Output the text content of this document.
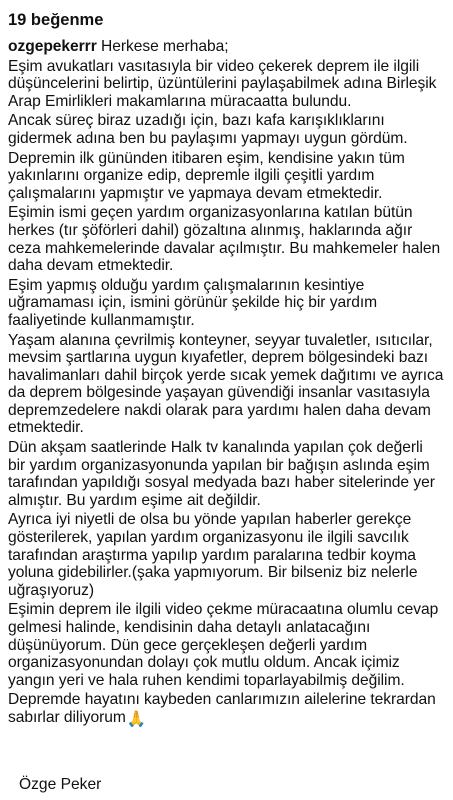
19 beğenme

ozgepekerrr Herkese merhaba;

Eşim avukatları vasıtasıyla bir video çekerek deprem ile ilgili düşüncelerini belirtip, üzüntülerini paylaşabilmek adına Birleşik Arap Emirlikleri makamlarına müracaatta bulundu.

Ancak süreç biraz uzadığı için, bazı kafa karışıklıklarını gidermek adına ben bu paylaşımı yapmayı uygun gördüm.

Depremin ilk gününden itibaren eşim, kendisine yakın tüm yakınlarını organize edip, depremle ilgili çeşitli yardım çalışmalarını yapmıştır ve yapmaya devam etmektedir.

Eşimin ismi geçen yardım organizasyonlarına katılan bütün herkes (tır şöförleri dahil) gözaltına alınmış, haklarında ağır ceza mahkemelerinde davalar açılmıştır. Bu mahkemeler halen daha devam etmektedir.

Eşim yapmış olduğu yardım çalışmalarının kesintiye uğramaması için, ismini görünür şekilde hiç bir yardım faaliyetinde kullanmamıştır.

Yaşam alanına çevrilmiş konteyner, seyyar tuvaletler, ısıtıcılar, mevsim şartlarına uygun kıyafetler, deprem bölgesindeki bazı havalimanları dahil birçok yerde sıcak yemek dağıtımı ve ayrıca da deprem bölgesinde yaşayan güvendiği insanlar vasıtasıyla depremzedelere nakdi olarak para yardımı halen daha devam etmektedir.

Dün akşam saatlerinde Halk tv kanalında yapılan çok değerli bir yardım organizasyonunda yapılan bir bağışın aslında eşim tarafından yapıldığı sosyal medyada bazı haber sitelerinde yer almıştır. Bu yardım eşime ait değildir.

Ayrıca iyi niyetli de olsa bu yönde yapılan haberler gerekçe gösterilerek, yapılan yardım organizasyonu ile ilgili savcılık tarafından araştırma yapılıp yardım paralarına tedbir koyma yoluna gidebilirler.(şaka yapmıyorum. Bir bilseniz biz nelerle uğraşıyoruz)

Eşimin deprem ile ilgili video çekme müracaatına olumlu cevap gelmesi halinde, kendisinin daha detaylı anlatacağını düşünüyorum. Dün gece gerçekleşen değerli yardım organizasyonundan dolayı çok mutlu oldum. Ancak içimiz yangın yeri ve hala ruhen kendimi toparlayabilmiş değilim.

Depremde hayatını kaybeden canlarımızın ailelerine tekrardan sabırlar diliyorum🙏

Özge Peker
